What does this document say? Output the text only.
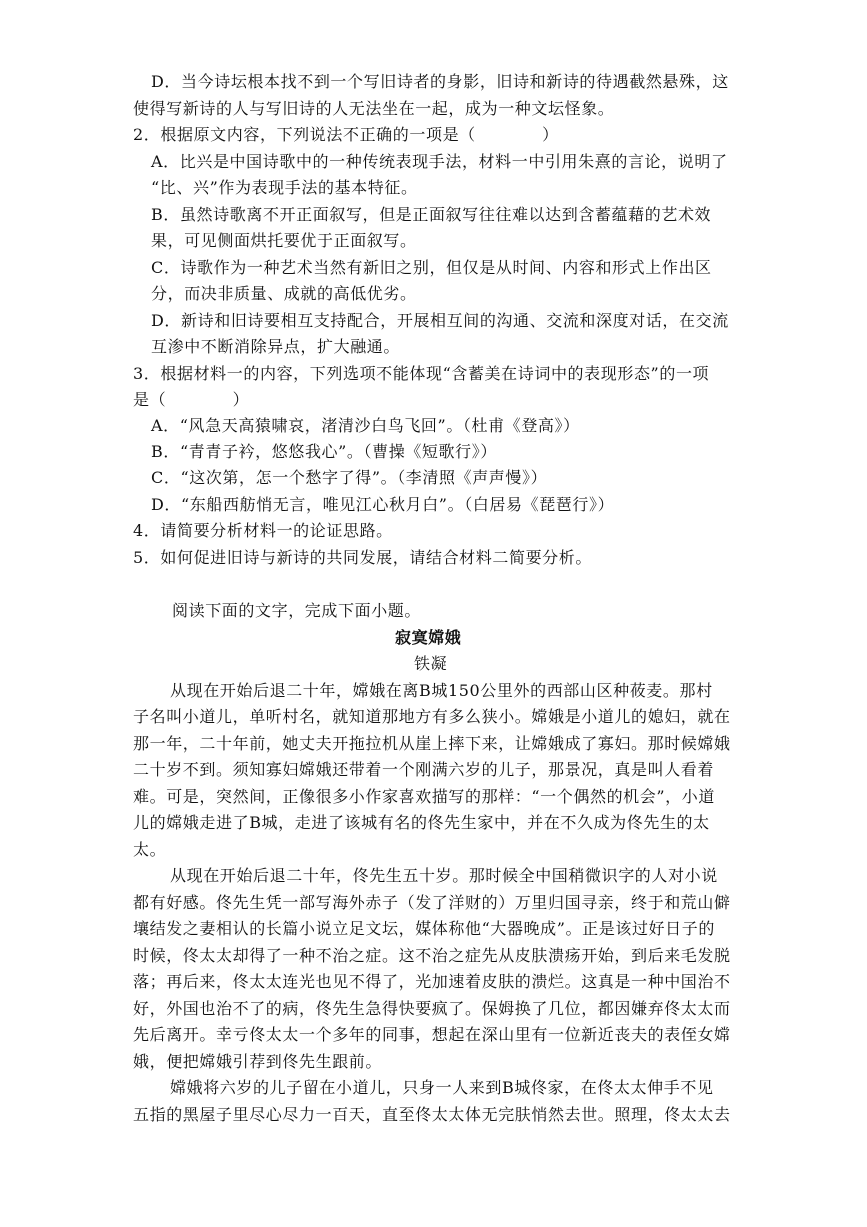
D．当今诗坛根本找不到一个写旧诗者的身影，旧诗和新诗的待遇截然悬殊，这
使得写新诗的人与写旧诗的人无法坐在一起，成为一种文坛怪象。
2．根据原文内容，下列说法不正确的一项是（　　　　）
A．比兴是中国诗歌中的一种传统表现手法，材料一中引用朱熹的言论，说明了
“比、兴”作为表现手法的基本特征。
B．虽然诗歌离不开正面叙写，但是正面叙写往往难以达到含蓄蕴藉的艺术效
果，可见侧面烘托要优于正面叙写。
C．诗歌作为一种艺术当然有新旧之别，但仅是从时间、内容和形式上作出区
分，而决非质量、成就的高低优劣。
D．新诗和旧诗要相互支持配合，开展相互间的沟通、交流和深度对话，在交流
互渗中不断消除异点，扩大融通。
3．根据材料一的内容，下列选项不能体现“含蓄美在诗词中的表现形态”的一项
是（　　　　）
A．“风急天高猿啸哀，渚清沙白鸟飞回”。（杜甫《登高》）
B．“青青子衿，悠悠我心”。（曹操《短歌行》）
C．“这次第，怎一个愁字了得”。（李清照《声声慢》）
D．“东船西舫悄无言，唯见江心秋月白”。（白居易《琵琶行》）
4．请简要分析材料一的论证思路。
5．如何促进旧诗与新诗的共同发展，请结合材料二简要分析。
阅读下面的文字，完成下面小题。
寂寞嫦娥
铁凝
从现在开始后退二十年，嫦娥在离B城150公里外的西部山区种莜麦。那村
子名叫小道儿，单听村名，就知道那地方有多么狭小。嫦娥是小道儿的媳妇，就在
那一年，二十年前，她丈夫开拖拉机从崖上摔下来，让嫦娥成了寡妇。那时候嫦娥
二十岁不到。须知寡妇嫦娥还带着一个刚满六岁的儿子，那景况，真是叫人看着
难。可是，突然间，正像很多小作家喜欢描写的那样：“一个偶然的机会”，小道
儿的嫦娥走进了B城，走进了该城有名的佟先生家中，并在不久成为佟先生的太
太。
从现在开始后退二十年，佟先生五十岁。那时候全中国稍微识字的人对小说
都有好感。佟先生凭一部写海外赤子（发了洋财的）万里归国寻亲，终于和荒山僻
壤结发之妻相认的长篇小说立足文坛，媒体称他“大器晚成”。正是该过好日子的
时候，佟太太却得了一种不治之症。这不治之症先从皮肤溃疡开始，到后来毛发脱
落；再后来，佟太太连光也见不得了，光加速着皮肤的溃烂。这真是一种中国治不
好，外国也治不了的病，佟先生急得快要疯了。保姆换了几位，都因嫌弃佟太太而
先后离开。幸亏佟太太一个多年的同事，想起在深山里有一位新近丧夫的表侄女嫦
娥，便把嫦娥引荐到佟先生跟前。
嫦娥将六岁的儿子留在小道儿，只身一人来到B城佟家，在佟太太伸手不见
五指的黑屋子里尽心尽力一百天，直至佟太太体无完肤悄然去世。照理，佟太太去
